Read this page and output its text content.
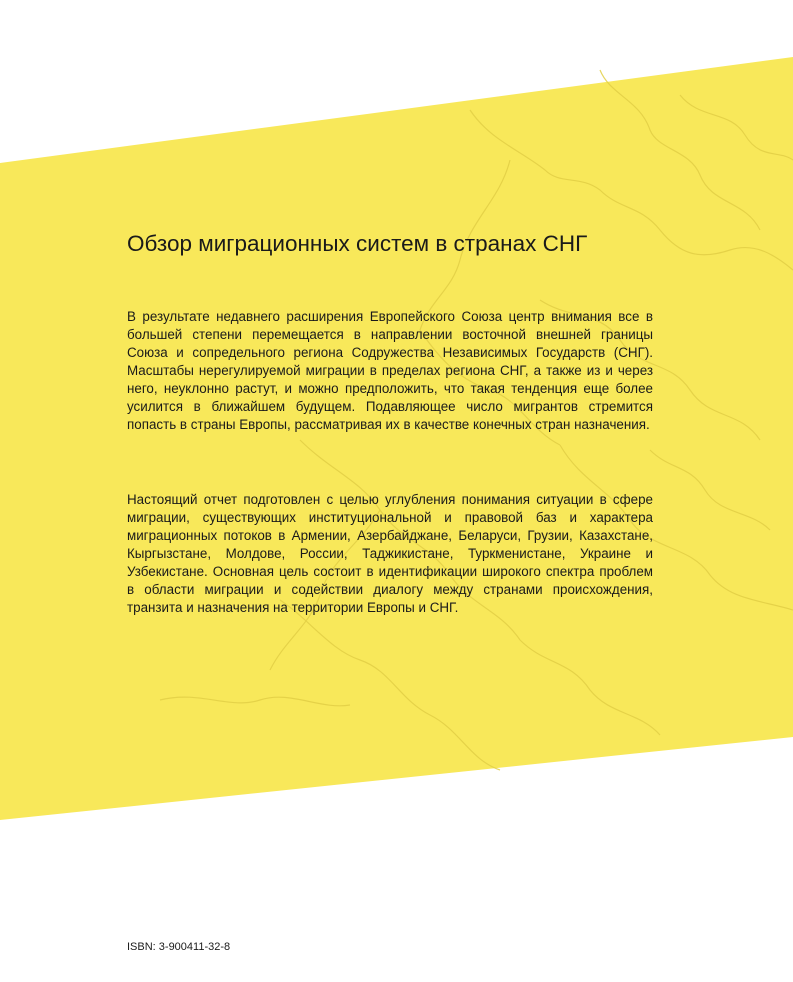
Обзор миграционных систем в странах СНГ
В результате недавнего расширения Европейского Союза центр внимания все в большей степени перемещается в направлении восточной внешней границы Союза и сопредельного региона Содружества Независимых Государств (СНГ). Масштабы нерегулируемой миграции в пределах региона СНГ, а также из и через него, неуклонно растут, и можно предположить, что такая тенденция еще более усилится в ближайшем будущем. Подавляющее число мигрантов стремится попасть в страны Европы, рассматривая их в качестве конечных стран назначения.
Настоящий отчет подготовлен с целью углубления понимания ситуации в сфере миграции, существующих институциональной и правовой баз и характера миграционных потоков в Армении, Азербайджане, Беларуси, Грузии, Казахстане, Кыргызстане, Молдове, России, Таджикистане, Туркменистане, Украине и Узбекистане. Основная цель состоит в идентификации широкого спектра проблем в области миграции и содействии диалогу между странами происхождения, транзита и назначения на территории Европы и СНГ.
ISBN: 3-900411-32-8
